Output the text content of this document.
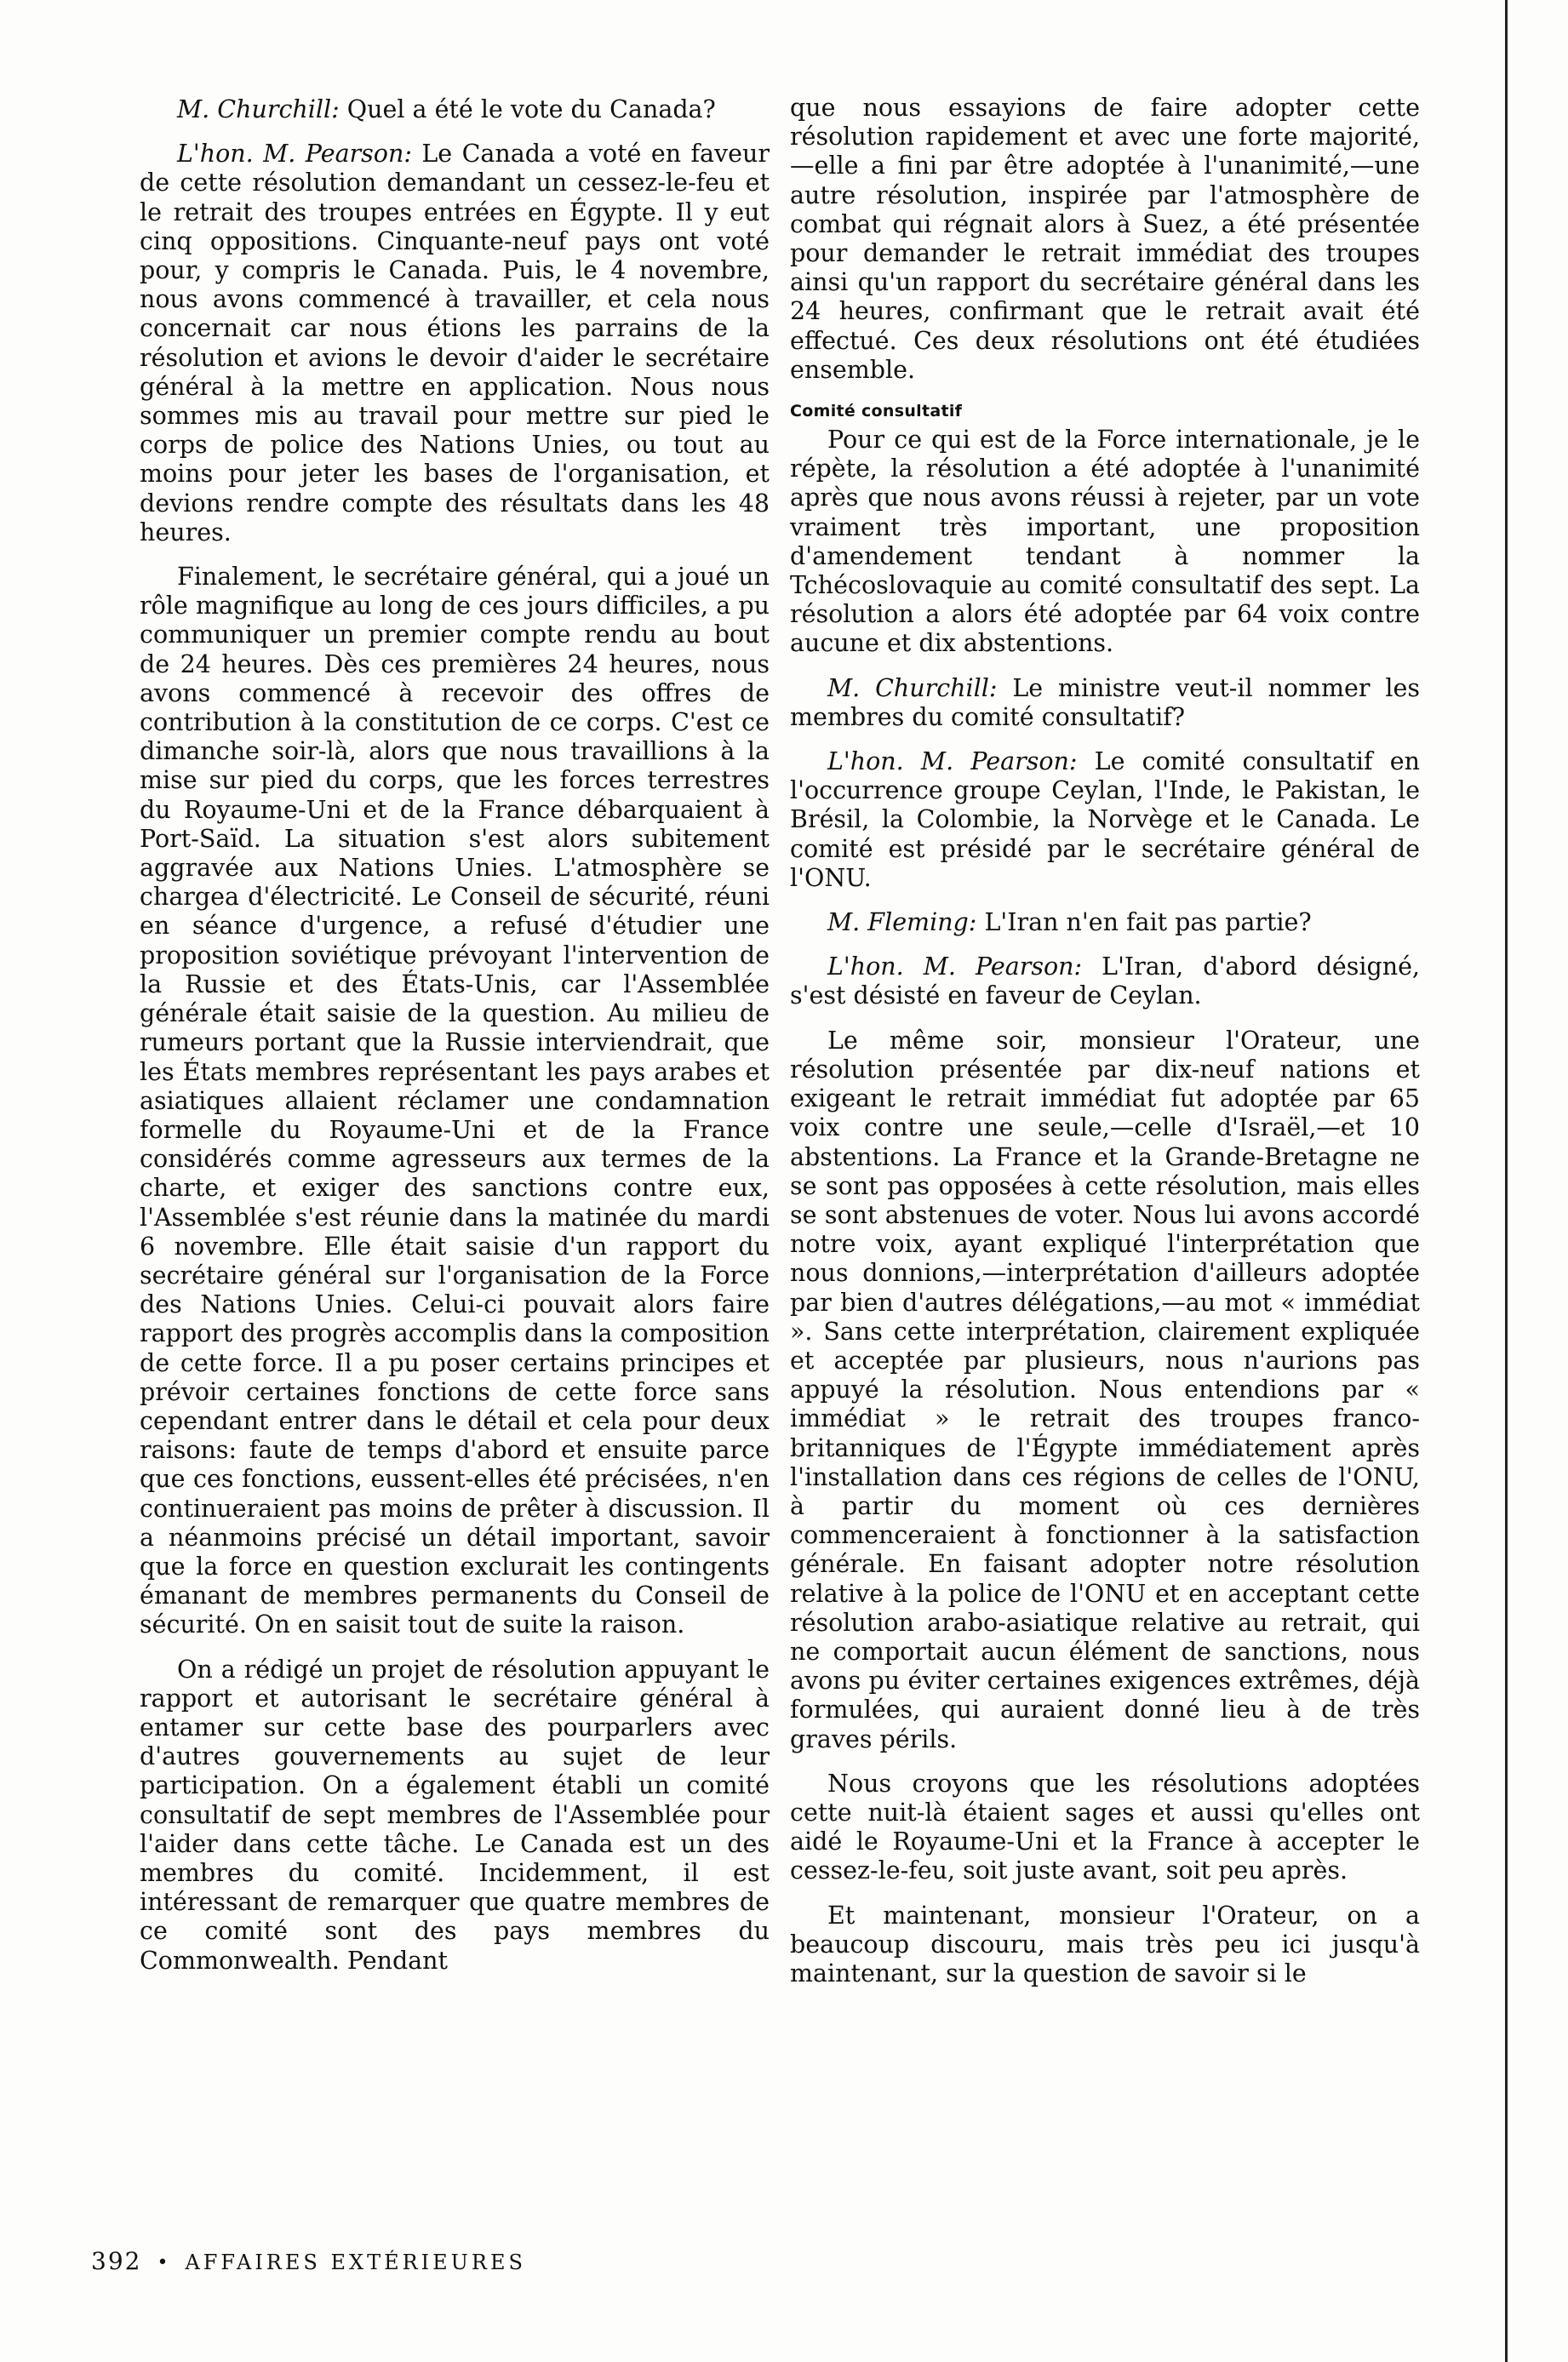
M. Churchill: Quel a été le vote du Canada?

L'hon. M. Pearson: Le Canada a voté en faveur de cette résolution demandant un cessez-le-feu et le retrait des troupes entrées en Égypte. Il y eut cinq oppositions. Cinquante-neuf pays ont voté pour, y compris le Canada. Puis, le 4 novembre, nous avons commencé à travailler, et cela nous concernait car nous étions les parrains de la résolution et avions le devoir d'aider le secrétaire général à la mettre en application. Nous nous sommes mis au travail pour mettre sur pied le corps de police des Nations Unies, ou tout au moins pour jeter les bases de l'organisation, et devions rendre compte des résultats dans les 48 heures.

Finalement, le secrétaire général, qui a joué un rôle magnifique au long de ces jours difficiles, a pu communiquer un premier compte rendu au bout de 24 heures. Dès ces premières 24 heures, nous avons commencé à recevoir des offres de contribution à la constitution de ce corps. C'est ce dimanche soir-là, alors que nous travaillions à la mise sur pied du corps, que les forces terrestres du Royaume-Uni et de la France débarquaient à Port-Saïd. La situation s'est alors subitement aggravée aux Nations Unies. L'atmosphère se chargea d'électricité. Le Conseil de sécurité, réuni en séance d'urgence, a refusé d'étudier une proposition soviétique prévoyant l'intervention de la Russie et des États-Unis, car l'Assemblée générale était saisie de la question. Au milieu de rumeurs portant que la Russie interviendrait, que les États membres représentant les pays arabes et asiatiques allaient réclamer une condamnation formelle du Royaume-Uni et de la France considérés comme agresseurs aux termes de la charte, et exiger des sanctions contre eux, l'Assemblée s'est réunie dans la matinée du mardi 6 novembre. Elle était saisie d'un rapport du secrétaire général sur l'organisation de la Force des Nations Unies. Celui-ci pouvait alors faire rapport des progrès accomplis dans la composition de cette force. Il a pu poser certains principes et prévoir certaines fonctions de cette force sans cependant entrer dans le détail et cela pour deux raisons: faute de temps d'abord et ensuite parce que ces fonctions, eussent-elles été précisées, n'en continueraient pas moins de prêter à discussion. Il a néanmoins précisé un détail important, savoir que la force en question exclurait les contingents émanant de membres permanents du Conseil de sécurité. On en saisit tout de suite la raison.

On a rédigé un projet de résolution appuyant le rapport et autorisant le secrétaire général à entamer sur cette base des pourparlers avec d'autres gouvernements au sujet de leur participation. On a également établi un comité consultatif de sept membres de l'Assemblée pour l'aider dans cette tâche. Le Canada est un des membres du comité. Incidemment, il est intéressant de remarquer que quatre membres de ce comité sont des pays membres du Commonwealth. Pendant

que nous essayions de faire adopter cette résolution rapidement et avec une forte majorité,—elle a fini par être adoptée à l'unanimité,—une autre résolution, inspirée par l'atmosphère de combat qui régnait alors à Suez, a été présentée pour demander le retrait immédiat des troupes ainsi qu'un rapport du secrétaire général dans les 24 heures, confirmant que le retrait avait été effectué. Ces deux résolutions ont été étudiées ensemble.

Comité consultatif

Pour ce qui est de la Force internationale, je le répète, la résolution a été adoptée à l'unanimité après que nous avons réussi à rejeter, par un vote vraiment très important, une proposition d'amendement tendant à nommer la Tchécoslovaquie au comité consultatif des sept. La résolution a alors été adoptée par 64 voix contre aucune et dix abstentions.

M. Churchill: Le ministre veut-il nommer les membres du comité consultatif?

L'hon. M. Pearson: Le comité consultatif en l'occurrence groupe Ceylan, l'Inde, le Pakistan, le Brésil, la Colombie, la Norvège et le Canada. Le comité est présidé par le secrétaire général de l'ONU.

M. Fleming: L'Iran n'en fait pas partie?

L'hon. M. Pearson: L'Iran, d'abord désigné, s'est désisté en faveur de Ceylan.

Le même soir, monsieur l'Orateur, une résolution présentée par dix-neuf nations et exigeant le retrait immédiat fut adoptée par 65 voix contre une seule,—celle d'Israël,—et 10 abstentions. La France et la Grande-Bretagne ne se sont pas opposées à cette résolution, mais elles se sont abstenues de voter. Nous lui avons accordé notre voix, ayant expliqué l'interprétation que nous donnions,—interprétation d'ailleurs adoptée par bien d'autres délégations,—au mot « immédiat ». Sans cette interprétation, clairement expliquée et acceptée par plusieurs, nous n'aurions pas appuyé la résolution. Nous entendions par « immédiat » le retrait des troupes franco-britanniques de l'Égypte immédiatement après l'installation dans ces régions de celles de l'ONU, à partir du moment où ces dernières commenceraient à fonctionner à la satisfaction générale. En faisant adopter notre résolution relative à la police de l'ONU et en acceptant cette résolution arabo-asiatique relative au retrait, qui ne comportait aucun élément de sanctions, nous avons pu éviter certaines exigences extrêmes, déjà formulées, qui auraient donné lieu à de très graves périls.

Nous croyons que les résolutions adoptées cette nuit-là étaient sages et aussi qu'elles ont aidé le Royaume-Uni et la France à accepter le cessez-le-feu, soit juste avant, soit peu après.

Et maintenant, monsieur l'Orateur, on a beaucoup discouru, mais très peu ici jusqu'à maintenant, sur la question de savoir si le

392 • AFFAIRES EXTÉRIEURES
